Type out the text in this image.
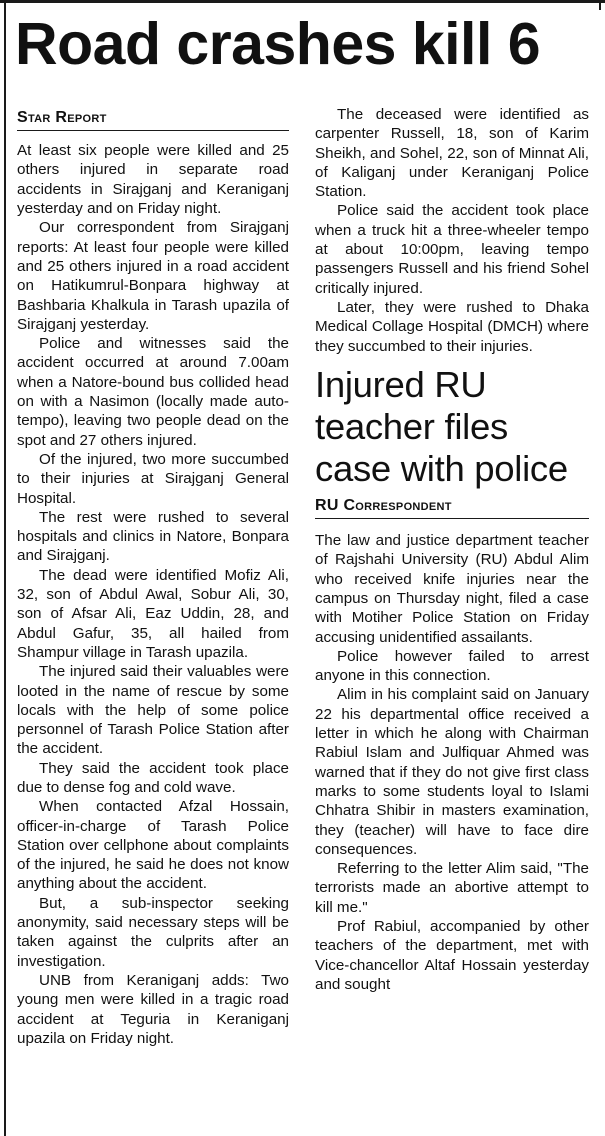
Road crashes kill 6
Star Report

At least six people were killed and 25 others injured in separate road accidents in Sirajganj and Keraniganj yesterday and on Friday night.

Our correspondent from Sirajganj reports: At least four people were killed and 25 others injured in a road accident on Hatikumrul-Bonpara highway at Bashbaria Khalkula in Tarash upazila of Sirajganj yesterday.

Police and witnesses said the accident occurred at around 7.00am when a Natore-bound bus collided head on with a Nasimon (locally made auto-tempo), leaving two people dead on the spot and 27 others injured.

Of the injured, two more succumbed to their injuries at Sirajganj General Hospital.

The rest were rushed to several hospitals and clinics in Natore, Bonpara and Sirajganj.

The dead were identified Mofiz Ali, 32, son of Abdul Awal, Sobur Ali, 30, son of Afsar Ali, Eaz Uddin, 28, and Abdul Gafur, 35, all hailed from Shampur village in Tarash upazila.

The injured said their valuables were looted in the name of rescue by some locals with the help of some police personnel of Tarash Police Station after the accident.

They said the accident took place due to dense fog and cold wave.

When contacted Afzal Hossain, officer-in-charge of Tarash Police Station over cellphone about complaints of the injured, he said he does not know anything about the accident.

But, a sub-inspector seeking anonymity, said necessary steps will be taken against the culprits after an investigation.

UNB from Keraniganj adds: Two young men were killed in a tragic road accident at Teguria in Keraniganj upazila on Friday night.

The deceased were identified as carpenter Russell, 18, son of Karim Sheikh, and Sohel, 22, son of Minnat Ali, of Kaliganj under Keraniganj Police Station.

Police said the accident took place when a truck hit a three-wheeler tempo at about 10:00pm, leaving tempo passengers Russell and his friend Sohel critically injured.

Later, they were rushed to Dhaka Medical Collage Hospital (DMCH) where they succumbed to their injuries.

Injured RU teacher files case with police
RU Correspondent

The law and justice department teacher of Rajshahi University (RU) Abdul Alim who received knife injuries near the campus on Thursday night, filed a case with Motiher Police Station on Friday accusing unidentified assailants.

Police however failed to arrest anyone in this connection.

Alim in his complaint said on January 22 his departmental office received a letter in which he along with Chairman Rabiul Islam and Julfiquar Ahmed was warned that if they do not give first class marks to some students loyal to Islami Chhatra Shibir in masters examination, they (teacher) will have to face dire consequences.

Referring to the letter Alim said, "The terrorists made an abortive attempt to kill me."

Prof Rabiul, accompanied by other teachers of the department, met with Vice-chancellor Altaf Hossain yesterday and sought
